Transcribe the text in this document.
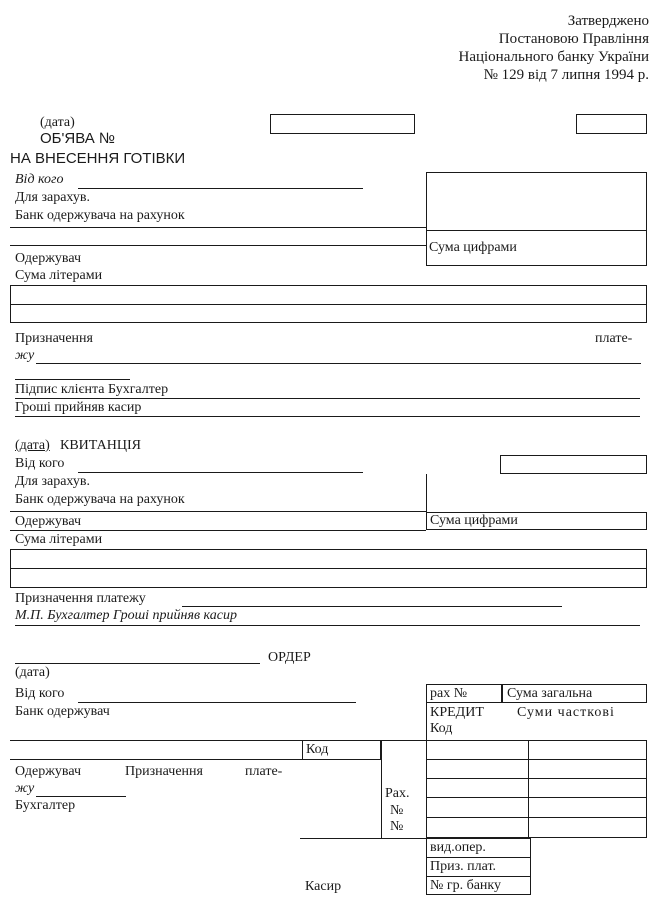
Затверджено
Постановою Правління
Національного банку України
№ 129 від 7 липня 1994 р.
(дата)
ОБ'ЯВА №
НА ВНЕСЕННЯ ГОТІВКИ
Від кого
Сума цифрами
Для зарахув.
Банк одержувача на рахунок
Одержувач
Сума літерами
Призначення	плате-
жу
Підпис клієнта Бухгалтер
Гроші прийняв касир
(дата) КВИТАНЦІЯ
Від кого
Для зарахув.
Банк одержувача на рахунок
Сума цифрами
Одержувач
Сума літерами
Призначення платежу
М.П. Бухгалтер Гроші прийняв касир
ОРДЕР
(дата)
Від кого
Банк одержувач
рах №	Сума загальна
КРЕДИТ Суми часткові
Код
Код
Одержувач	Призначення	плате-
жу
Бухгалтер
Рах.
№
№
вид.опер.
Приз. плат.
№ гр. банку
Касир
